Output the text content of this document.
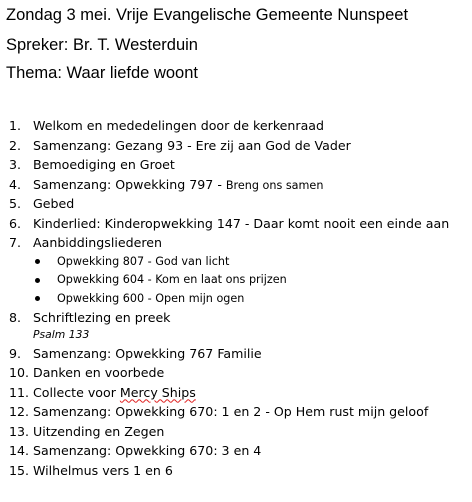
Zondag 3 mei. Vrije Evangelische Gemeente Nunspeet
Spreker: Br. T. Westerduin
Thema: Waar liefde woont
1. Welkom en mededelingen door de kerkenraad
2. Samenzang: Gezang 93 - Ere zij aan God de Vader
3. Bemoediging en Groet
4. Samenzang: Opwekking 797 - Breng ons samen
5. Gebed
6. Kinderlied: Kinderopwekking 147 - Daar komt nooit een einde aan
7. Aanbiddingsliederen
Opwekking 807 - God van licht
Opwekking 604 - Kom en laat ons prijzen
Opwekking 600 - Open mijn ogen
8. Schriftlezing en preek
Psalm 133
9. Samenzang: Opwekking 767 Familie
10. Danken en voorbede
11. Collecte voor Mercy Ships
12. Samenzang: Opwekking 670: 1 en 2 - Op Hem rust mijn geloof
13. Uitzending en Zegen
14. Samenzang: Opwekking 670: 3 en 4
15. Wilhelmus vers 1 en 6
